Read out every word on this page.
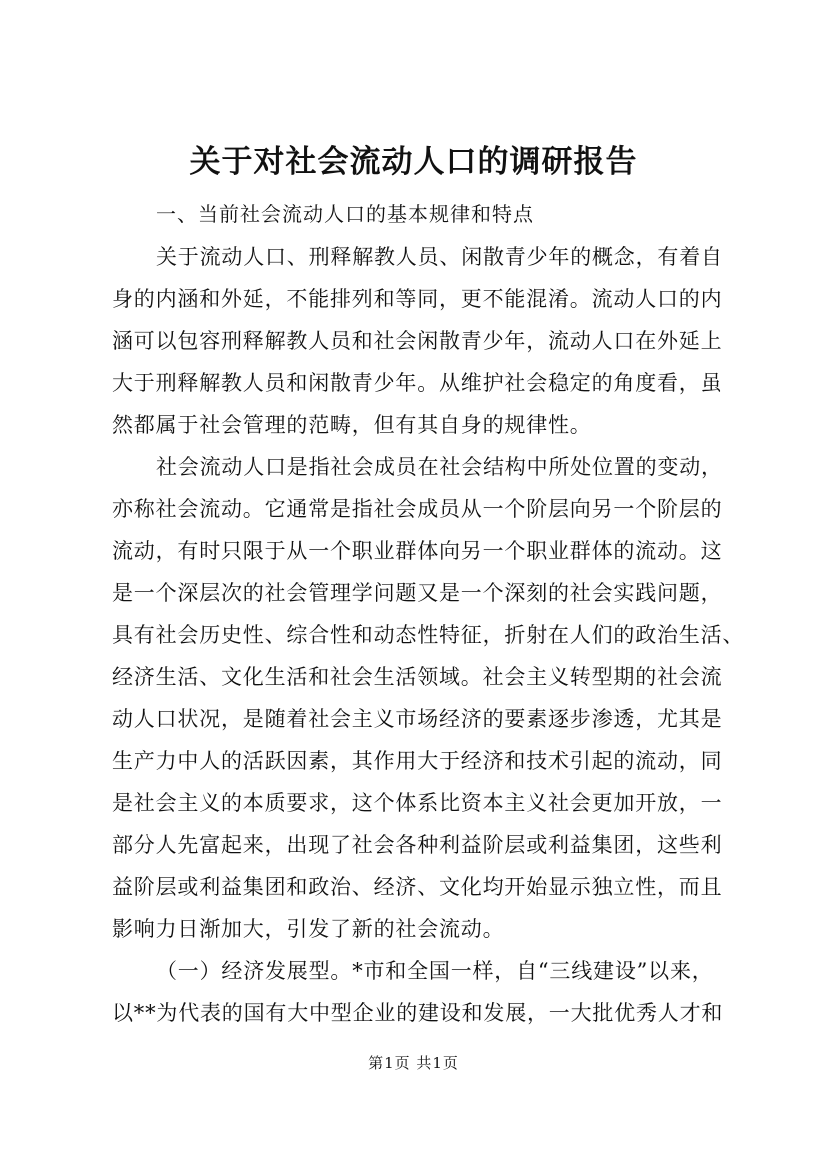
关于对社会流动人口的调研报告
一、当前社会流动人口的基本规律和特点
关于流动人口、刑释解教人员、闲散青少年的概念，有着自
身的内涵和外延，不能排列和等同，更不能混淆。流动人口的内
涵可以包容刑释解教人员和社会闲散青少年，流动人口在外延上
大于刑释解教人员和闲散青少年。从维护社会稳定的角度看，虽
然都属于社会管理的范畴，但有其自身的规律性。
社会流动人口是指社会成员在社会结构中所处位置的变动，
亦称社会流动。它通常是指社会成员从一个阶层向另一个阶层的
流动，有时只限于从一个职业群体向另一个职业群体的流动。这
是一个深层次的社会管理学问题又是一个深刻的社会实践问题，
具有社会历史性、综合性和动态性特征，折射在人们的政治生活、
经济生活、文化生活和社会生活领域。社会主义转型期的社会流
动人口状况，是随着社会主义市场经济的要素逐步渗透，尤其是
生产力中人的活跃因素，其作用大于经济和技术引起的流动，同
是社会主义的本质要求，这个体系比资本主义社会更加开放，一
部分人先富起来，出现了社会各种利益阶层或利益集团，这些利
益阶层或利益集团和政治、经济、文化均开始显示独立性，而且
影响力日渐加大，引发了新的社会流动。
（一）经济发展型。*市和全国一样，自“三线建设”以来，
以**为代表的国有大中型企业的建设和发展，一大批优秀人才和
第1页 共1页
